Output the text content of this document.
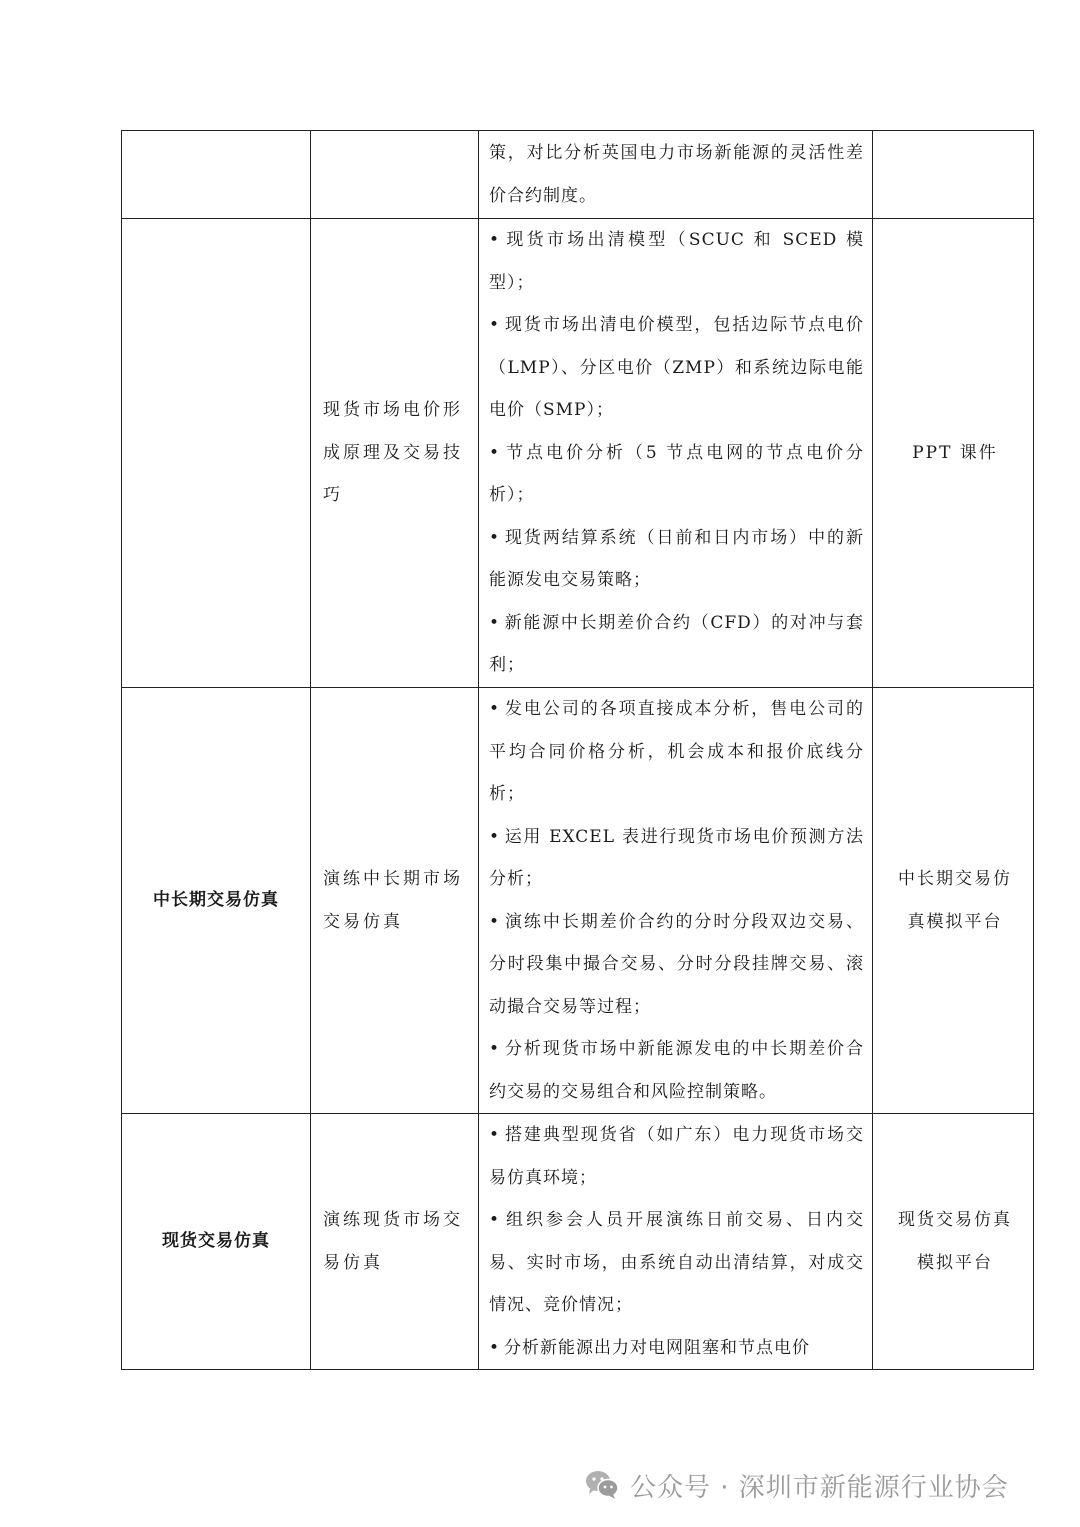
		策，对比分析英国电力市场新能源的灵活性差价合约制度。	

	现货市场电价形成原理及交易技巧	• 现货市场出清模型（SCUC 和 SCED 模型）；
• 现货市场出清电价模型，包括边际节点电价（LMP）、分区电价（ZMP）和系统边际电能电价（SMP）；
• 节点电价分析（5 节点电网的节点电价分析）；
• 现货两结算系统（日前和日内市场）中的新能源发电交易策略；
• 新能源中长期差价合约（CFD）的对冲与套利；	PPT 课件

中长期交易仿真	演练中长期市场交易仿真	• 发电公司的各项直接成本分析，售电公司的平均合同价格分析，机会成本和报价底线分析；
• 运用 EXCEL 表进行现货市场电价预测方法分析；
• 演练中长期差价合约的分时分段双边交易、分时段集中撮合交易、分时分段挂牌交易、滚动撮合交易等过程；
• 分析现货市场中新能源发电的中长期差价合约交易的交易组合和风险控制策略。	中长期交易仿真模拟平台

现货交易仿真	演练现货市场交易仿真	• 搭建典型现货省（如广东）电力现货市场交易仿真环境；
• 组织参会人员开展演练日前交易、日内交易、实时市场，由系统自动出清结算，对成交情况、竞价情况；
• 分析新能源出力对电网阻塞和节点电价	现货交易仿真模拟平台
公众号 · 深圳市新能源行业协会
